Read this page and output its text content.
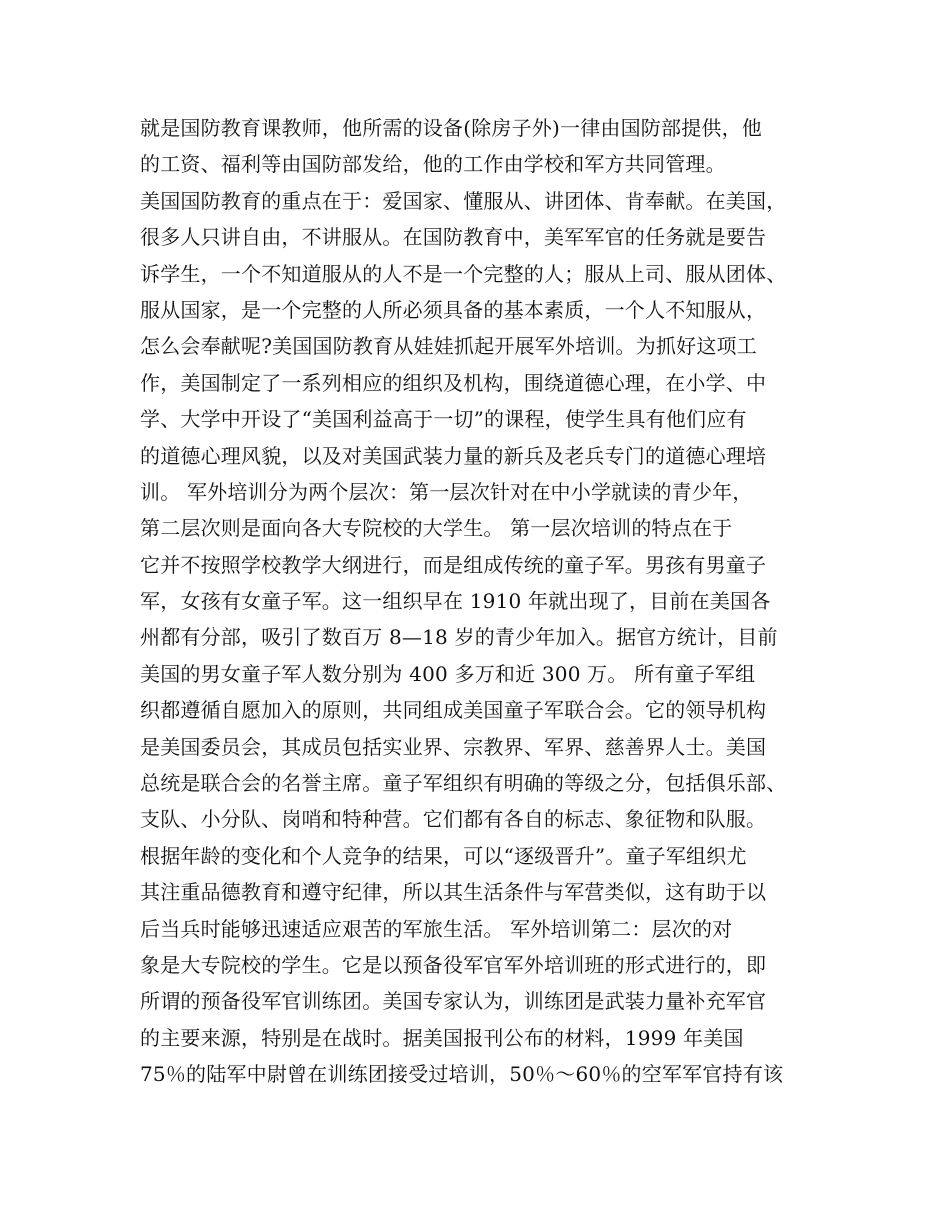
就是国防教育课教师，他所需的设备(除房子外)一律由国防部提供，他
的工资、福利等由国防部发给，他的工作由学校和军方共同管理。
美国国防教育的重点在于：爱国家、懂服从、讲团体、肯奉献。在美国，
很多人只讲自由，不讲服从。在国防教育中，美军军官的任务就是要告
诉学生，一个不知道服从的人不是一个完整的人；服从上司、服从团体、
服从国家，是一个完整的人所必须具备的基本素质，一个人不知服从，
怎么会奉献呢?美国国防教育从娃娃抓起开展军外培训。为抓好这项工
作，美国制定了一系列相应的组织及机构，围绕道德心理，在小学、中
学、大学中开设了“美国利益高于一切”的课程，使学生具有他们应有
的道德心理风貌，以及对美国武装力量的新兵及老兵专门的道德心理培
训。 军外培训分为两个层次：第一层次针对在中小学就读的青少年，
第二层次则是面向各大专院校的大学生。 第一层次培训的特点在于
它并不按照学校教学大纲进行，而是组成传统的童子军。男孩有男童子
军，女孩有女童子军。这一组织早在 1910 年就出现了，目前在美国各
州都有分部，吸引了数百万 8—18 岁的青少年加入。据官方统计，目前
美国的男女童子军人数分别为 400 多万和近 300 万。 所有童子军组
织都遵循自愿加入的原则，共同组成美国童子军联合会。它的领导机构
是美国委员会，其成员包括实业界、宗教界、军界、慈善界人士。美国
总统是联合会的名誉主席。童子军组织有明确的等级之分，包括俱乐部、
支队、小分队、岗哨和特种营。它们都有各自的标志、象征物和队服。
根据年龄的变化和个人竞争的结果，可以“逐级晋升”。童子军组织尤
其注重品德教育和遵守纪律，所以其生活条件与军营类似，这有助于以
后当兵时能够迅速适应艰苦的军旅生活。 军外培训第二：层次的对
象是大专院校的学生。它是以预备役军官军外培训班的形式进行的，即
所谓的预备役军官训练团。美国专家认为，训练团是武装力量补充军官
的主要来源，特别是在战时。据美国报刊公布的材料，1999 年美国
75％的陆军中尉曾在训练团接受过培训，50％～60％的空军军官持有该
